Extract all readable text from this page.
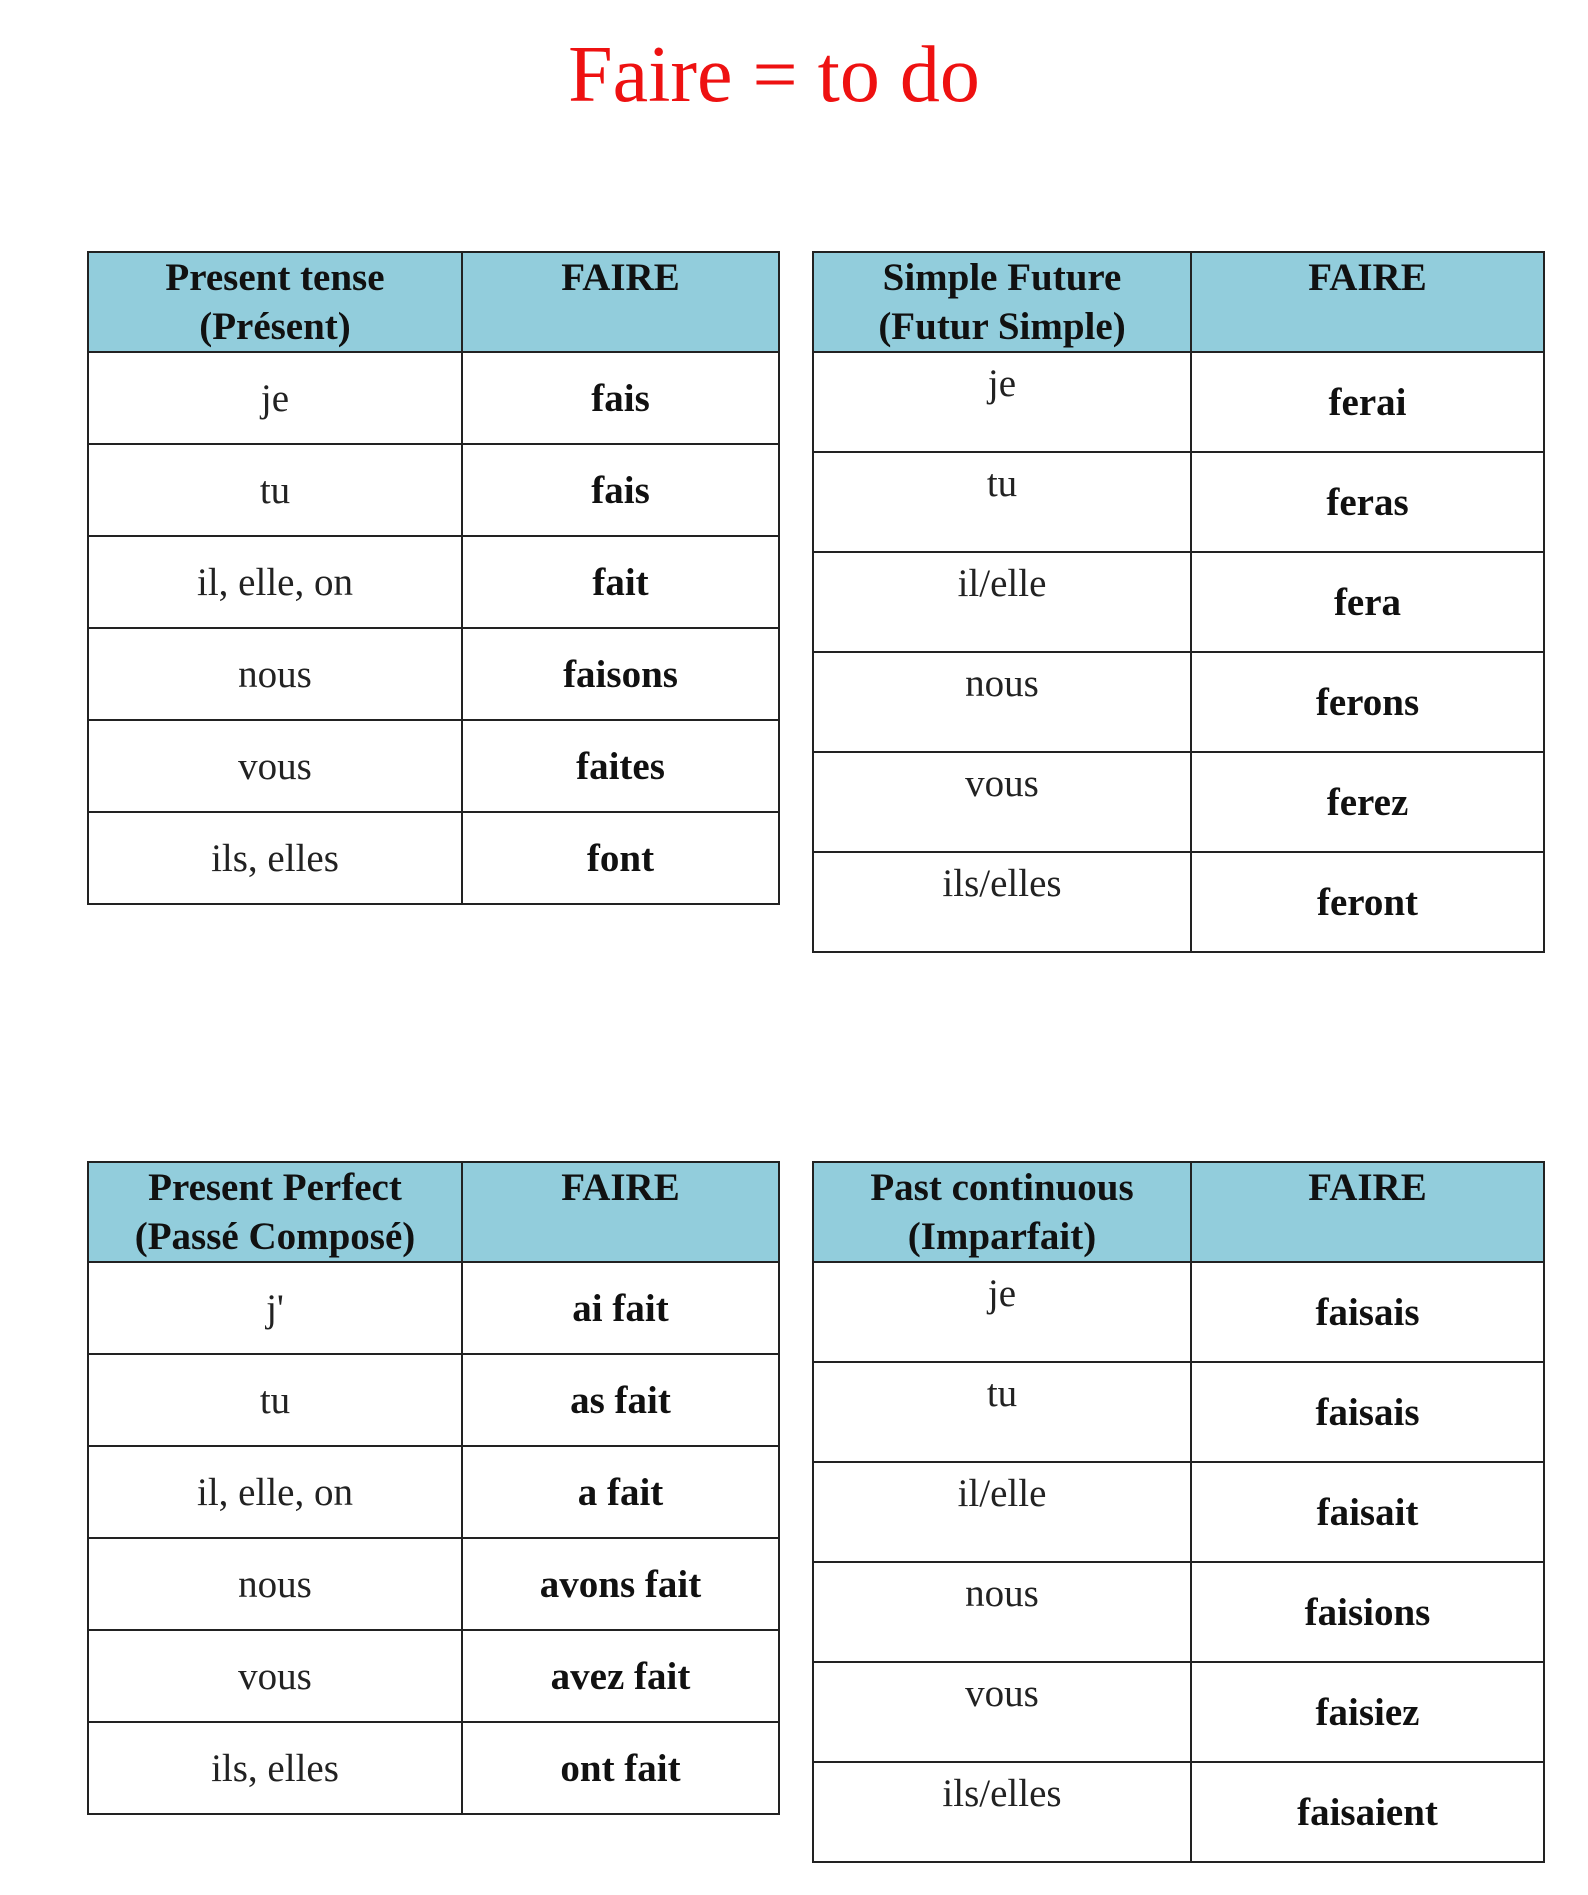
Faire = to do
Present tense
(Présent)	FAIRE
je	fais
tu	fais
il, elle, on	fait
nous	faisons
vous	faites
ils, elles	font
Simple Future
(Futur Simple)	FAIRE
je	ferai
tu	feras
il/elle	fera
nous	ferons
vous	ferez
ils/elles	feront
Present Perfect
(Passé Composé)	FAIRE
j'	ai fait
tu	as fait
il, elle, on	a fait
nous	avons fait
vous	avez fait
ils, elles	ont fait
Past continuous
(Imparfait)	FAIRE
je	faisais
tu	faisais
il/elle	faisait
nous	faisions
vous	faisiez
ils/elles	faisaient
